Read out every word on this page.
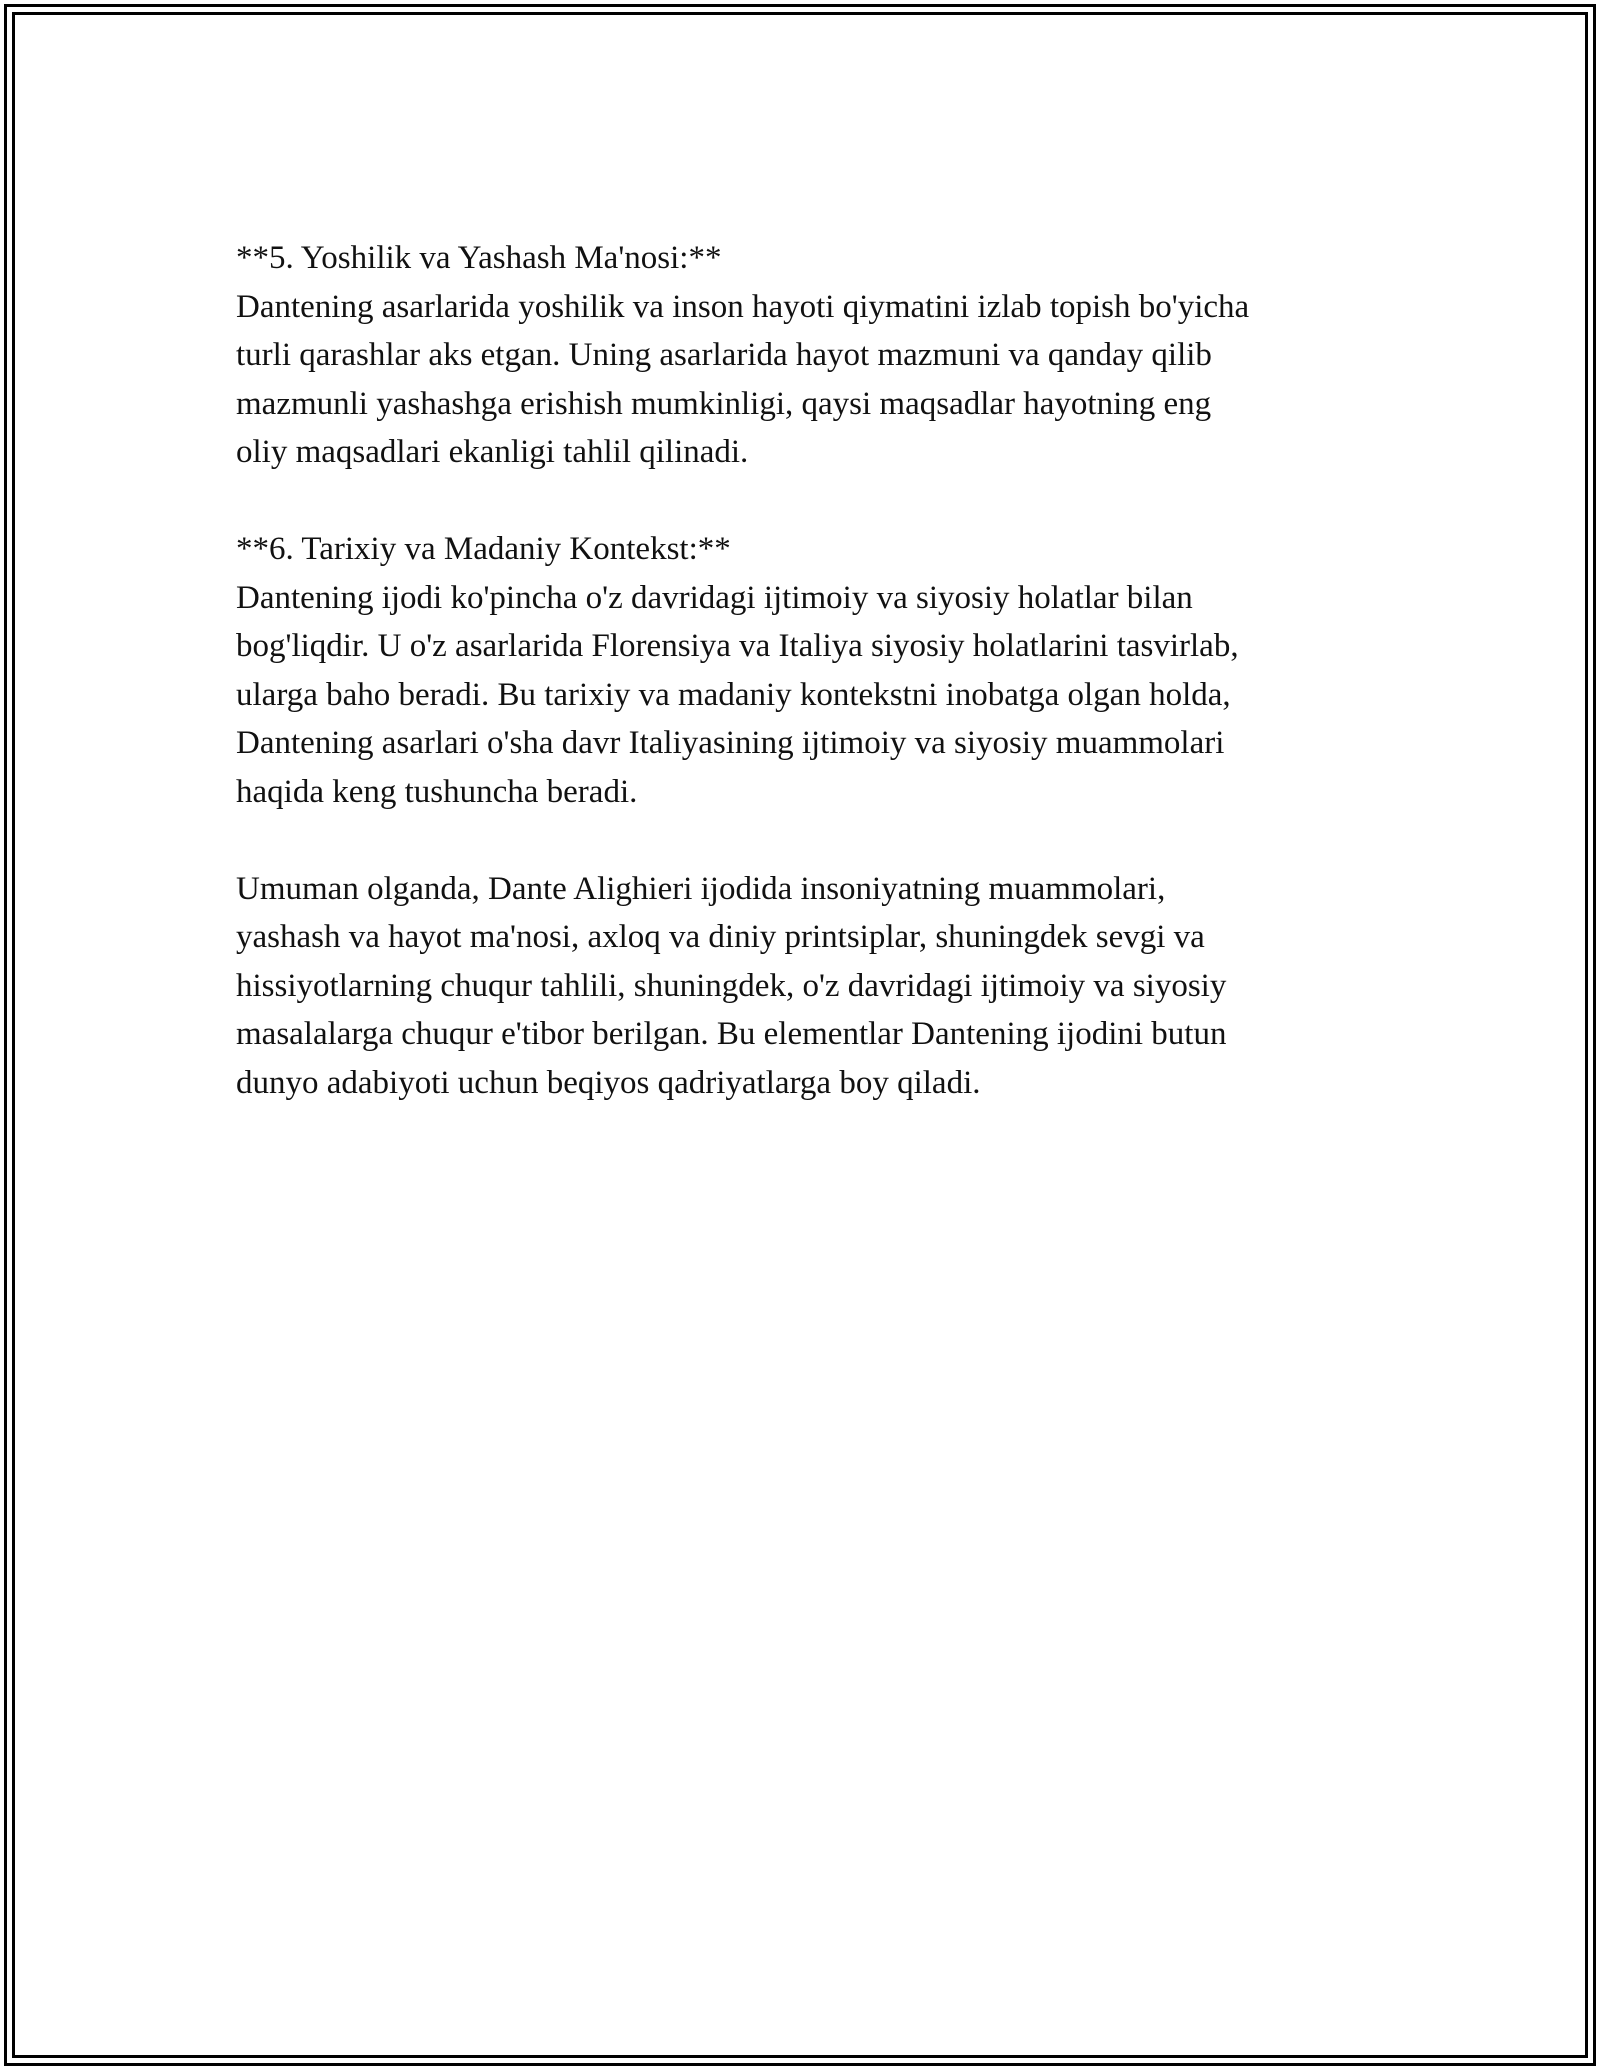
**5. Yoshilik va Yashash Ma'nosi:**
Dantening asarlarida yoshilik va inson hayoti qiymatini izlab topish bo'yicha
turli qarashlar aks etgan. Uning asarlarida hayot mazmuni va qanday qilib
mazmunli yashashga erishish mumkinligi, qaysi maqsadlar hayotning eng
oliy maqsadlari ekanligi tahlil qilinadi.
**6. Tarixiy va Madaniy Kontekst:**
Dantening ijodi ko'pincha o'z davridagi ijtimoiy va siyosiy holatlar bilan
bog'liqdir. U o'z asarlarida Florensiya va Italiya siyosiy holatlarini tasvirlab,
ularga baho beradi. Bu tarixiy va madaniy kontekstni inobatga olgan holda,
Dantening asarlari o'sha davr Italiyasining ijtimoiy va siyosiy muammolari
haqida keng tushuncha beradi.
Umuman olganda, Dante Alighieri ijodida insoniyatning muammolari,
yashash va hayot ma'nosi, axloq va diniy printsiplar, shuningdek sevgi va
hissiyotlarning chuqur tahlili, shuningdek, o'z davridagi ijtimoiy va siyosiy
masalalarga chuqur e'tibor berilgan. Bu elementlar Dantening ijodini butun
dunyo adabiyoti uchun beqiyos qadriyatlarga boy qiladi.
